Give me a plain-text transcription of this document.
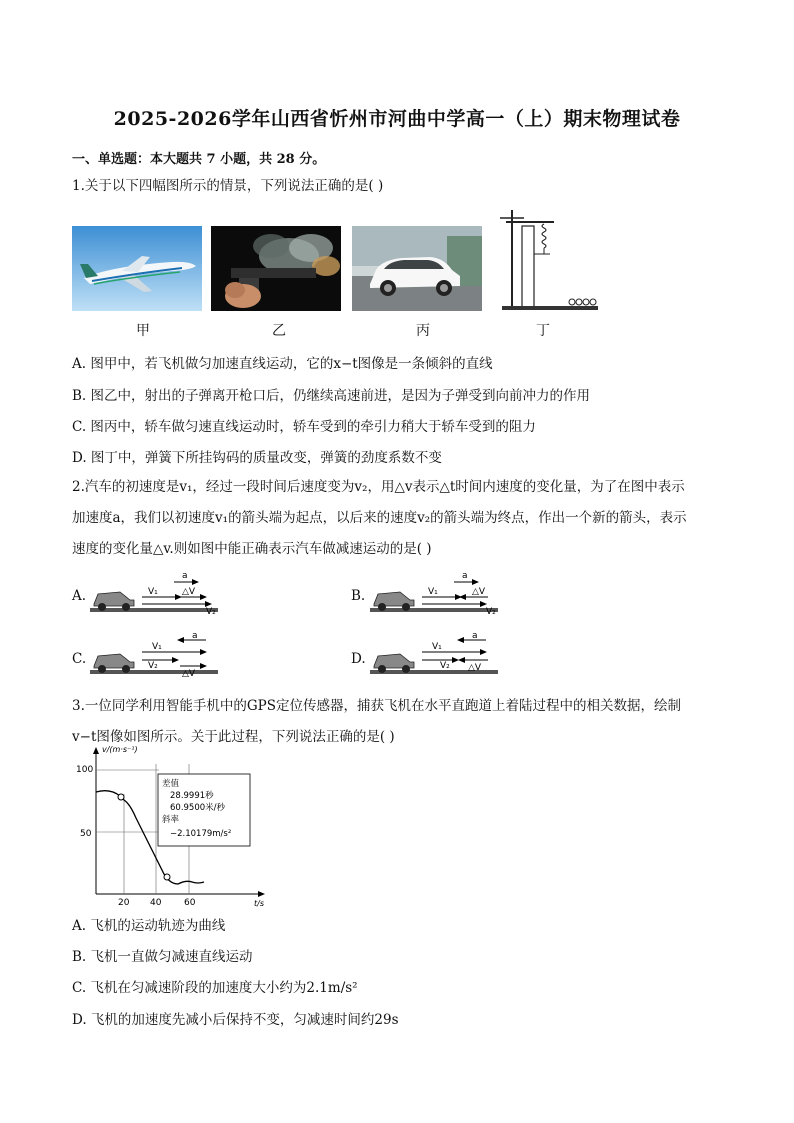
2025-2026学年山西省忻州市河曲中学高一（上）期末物理试卷
一、单选题：本大题共 7 小题，共 28 分。
1.关于以下四幅图所示的情景，下列说法正确的是( )
甲	乙	丙	丁
A. 图甲中，若飞机做匀加速直线运动，它的x−t图像是一条倾斜的直线
B. 图乙中，射出的子弹离开枪口后，仍继续高速前进，是因为子弹受到向前冲力的作用
C. 图丙中，轿车做匀速直线运动时，轿车受到的牵引力稍大于轿车受到的阻力
D. 图丁中，弹簧下所挂钩码的质量改变，弹簧的劲度系数不变
2.汽车的初速度是v₁，经过一段时间后速度变为v₂，用△v表示△t时间内速度的变化量，为了在图中表示
加速度a，我们以初速度v₁的箭头端为起点，以后来的速度v₂的箭头端为终点，作出一个新的箭头，表示
速度的变化量△v.则如图中能正确表示汽车做减速运动的是( )
A.	B.
C.	D.
V₁	△V
V₂
a
V₁	△V
V₂
a
V₁
V₂
△V
a
V₁
V₂ △V
a
3.一位同学利用智能手机中的GPS定位传感器，捕获飞机在水平直跑道上着陆过程中的相关数据，绘制
v−t图像如图所示。关于此过程，下列说法正确的是( )
v/(m·s⁻¹)
t/s
100
50
20 40	60
差值
28.9991秒
60.9500米/秒
斜率
−2.10179m/s²
A. 飞机的运动轨迹为曲线
B. 飞机一直做匀减速直线运动
C. 飞机在匀减速阶段的加速度大小约为2.1m/s²
D. 飞机的加速度先减小后保持不变，匀减速时间约29s
